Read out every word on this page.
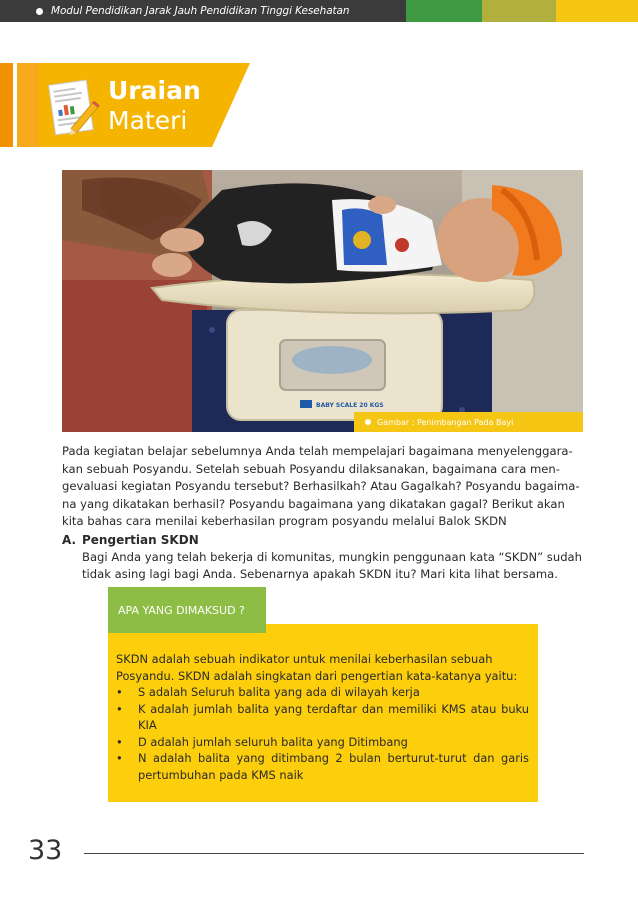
Modul Pendidikan Jarak Jauh Pendidikan Tinggi Kesehatan
Uraian
Materi
BABY SCALE 20 KGS
Gambar : Penimbangan Pada Bayi
Pada kegiatan belajar sebelumnya Anda telah mempelajari bagaimana menyelenggara-
kan sebuah Posyandu. Setelah sebuah Posyandu dilaksanakan, bagaimana cara men-
gevaluasi kegiatan Posyandu tersebut? Berhasilkah? Atau Gagalkah? Posyandu bagaima-
na yang dikatakan berhasil? Posyandu bagaimana yang dikatakan gagal? Berikut akan
kita bahas cara menilai keberhasilan program posyandu melalui Balok SKDN
A. Pengertian SKDN
Bagi Anda yang telah bekerja di komunitas, mungkin penggunaan kata “SKDN” sudah
tidak asing lagi bagi Anda. Sebenarnya apakah SKDN itu? Mari kita lihat bersama.
APA YANG DIMAKSUD ?
SKDN adalah sebuah indikator untuk menilai keberhasilan sebuah
Posyandu. SKDN adalah singkatan dari pengertian kata-katanya yaitu:
•	S adalah Seluruh balita yang ada di wilayah kerja
•	K adalah jumlah balita yang terdaftar dan memiliki KMS atau buku KIA
•	D adalah jumlah seluruh balita yang Ditimbang
•	N adalah balita yang ditimbang 2 bulan berturut-turut dan garis pertumbuhan pada KMS naik
33
